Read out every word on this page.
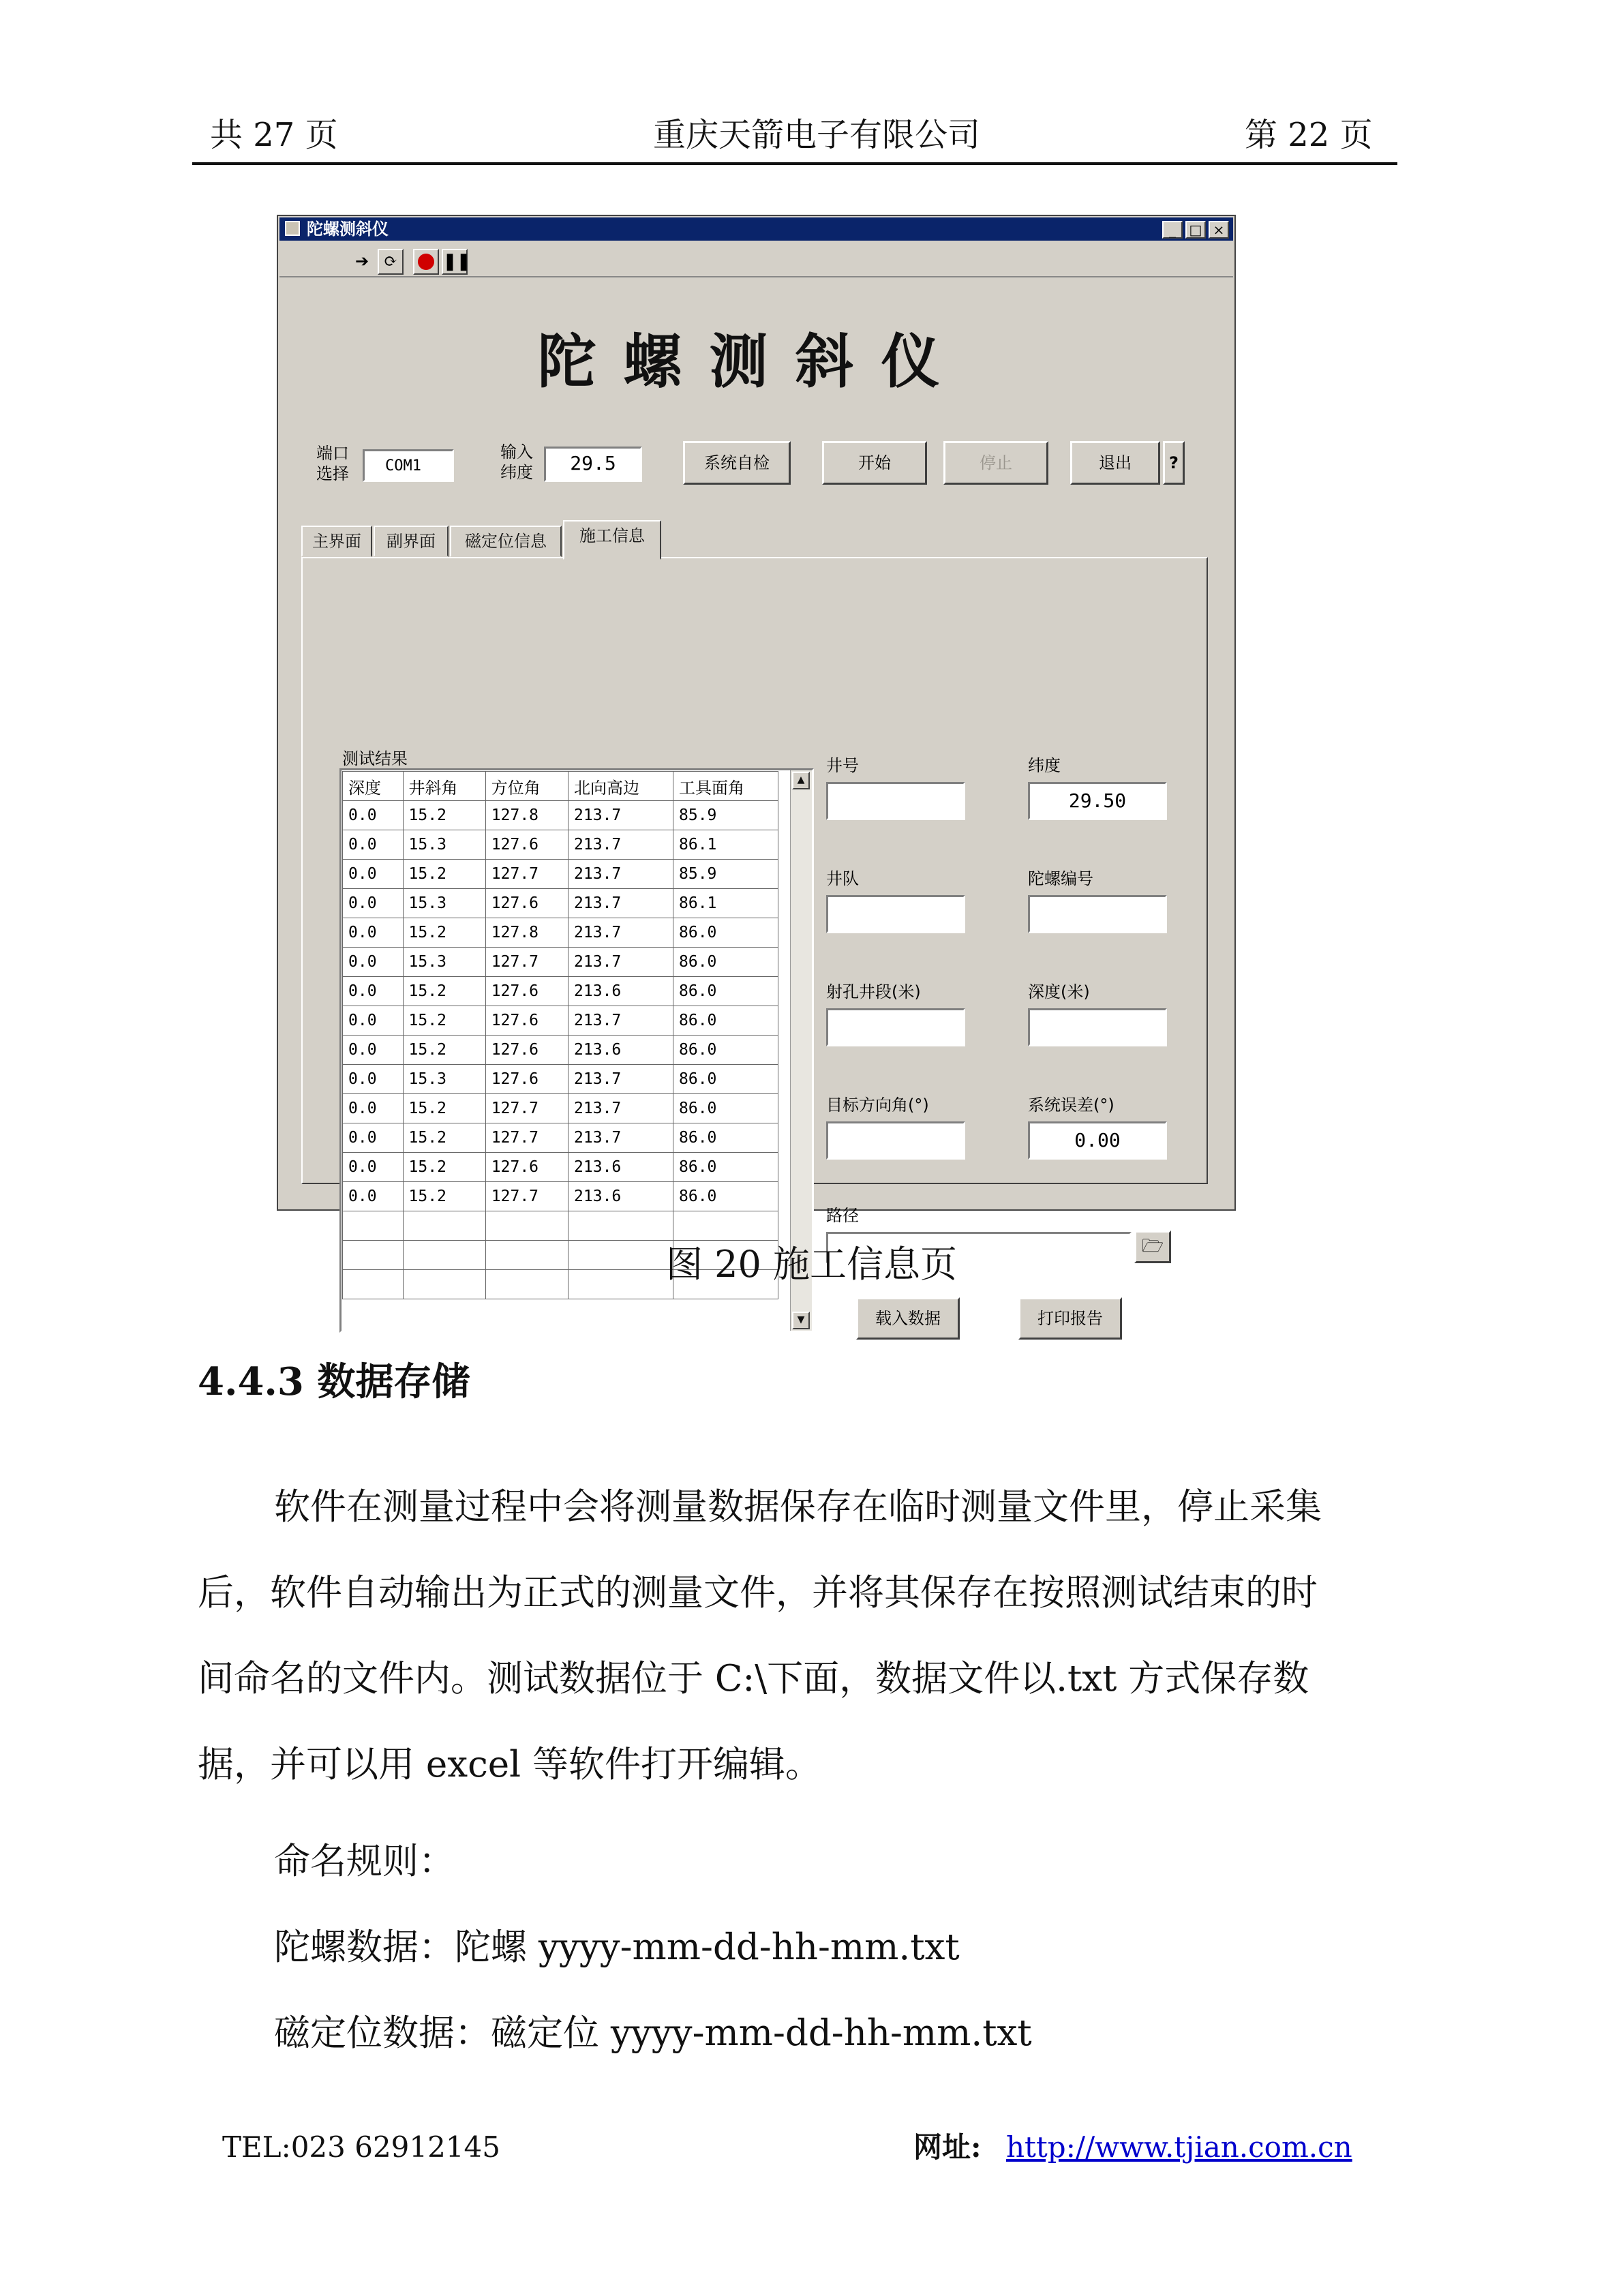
共 27 页	重庆天箭电子有限公司	第 22 页
陀螺测斜仪	_ □ ×
➔ ⟳	❚❚
陀螺测斜仪
端口
选择	COM1
输入
纬度	29.5	系统自检	开始	停止	退出	?
主界面	副界面	磁定位信息	施工信息
测试结果
▲
▼
深度	井斜角	方位角	北向高边	工具面角
0.0	15.2	127.8	213.7	85.9
0.0	15.3	127.6	213.7	86.1
0.0	15.2	127.7	213.7	85.9
0.0	15.3	127.6	213.7	86.1
0.0	15.2	127.8	213.7	86.0
0.0	15.3	127.7	213.7	86.0
0.0	15.2	127.6	213.6	86.0
0.0	15.2	127.6	213.7	86.0
0.0	15.2	127.6	213.6	86.0
0.0	15.3	127.6	213.7	86.0
0.0	15.2	127.7	213.7	86.0
0.0	15.2	127.7	213.7	86.0
0.0	15.2	127.6	213.6	86.0
0.0	15.2	127.7	213.6	86.0

井号	纬度
29.50
井队	陀螺编号
射孔井段(米)	深度(米)
目标方向角(°)	系统误差(°)
0.00
路径
🗁
载入数据	打印报告
图 20 施工信息页
4.4.3 数据存储
软件在测量过程中会将测量数据保存在临时测量文件里，停止采集
后，软件自动输出为正式的测量文件，并将其保存在按照测试结束的时
间命名的文件内。测试数据位于 C:\下面，数据文件以.txt 方式保存数
据，并可以用 excel 等软件打开编辑。
命名规则：
陀螺数据：陀螺 yyyy-mm-dd-hh-mm.txt
磁定位数据：磁定位 yyyy-mm-dd-hh-mm.txt
TEL:023 62912145	网址: http://www.tjian.com.cn
